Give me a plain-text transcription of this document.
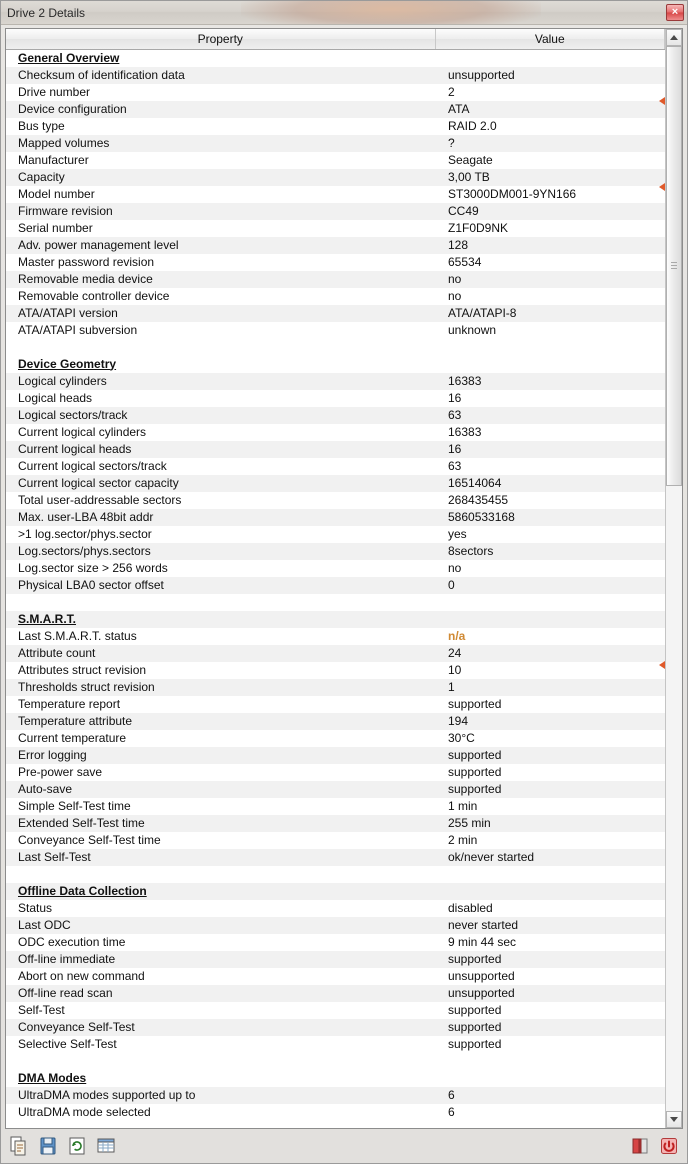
Drive 2 Details	×
Property	Value
General Overview	
Checksum of identification data	unsupported
Drive number	2
Device configuration	ATA
Bus type	RAID 2.0
Mapped volumes	?
Manufacturer	Seagate
Capacity	3,00 TB
Model number	ST3000DM001-9YN166
Firmware revision	CC49
Serial number	Z1F0D9NK
Adv. power management level	128
Master password revision	65534
Removable media device	no
Removable controller device	no
ATA/ATAPI version	ATA/ATAPI-8
ATA/ATAPI subversion	unknown

Device Geometry	
Logical cylinders	16383
Logical heads	16
Logical sectors/track	63
Current logical cylinders	16383
Current logical heads	16
Current logical sectors/track	63
Current logical sector capacity	16514064
Total user-addressable sectors	268435455
Max. user-LBA 48bit addr	5860533168
>1 log.sector/phys.sector	yes
Log.sectors/phys.sectors	8sectors
Log.sector size > 256 words	no
Physical LBA0 sector offset	0

S.M.A.R.T.	
Last S.M.A.R.T. status	n/a
Attribute count	24
Attributes struct revision	10
Thresholds struct revision	1
Temperature report	supported
Temperature attribute	194
Current temperature	30°C
Error logging	supported
Pre-power save	supported
Auto-save	supported
Simple Self-Test time	1 min
Extended Self-Test time	255 min
Conveyance Self-Test time	2 min
Last Self-Test	ok/never started

Offline Data Collection	
Status	disabled
Last ODC	never started
ODC execution time	9 min 44 sec
Off-line immediate	supported
Abort on new command	unsupported
Off-line read scan	unsupported
Self-Test	supported
Conveyance Self-Test	supported
Selective Self-Test	supported

DMA Modes	
UltraDMA modes supported up to	6
UltraDMA mode selected	6
